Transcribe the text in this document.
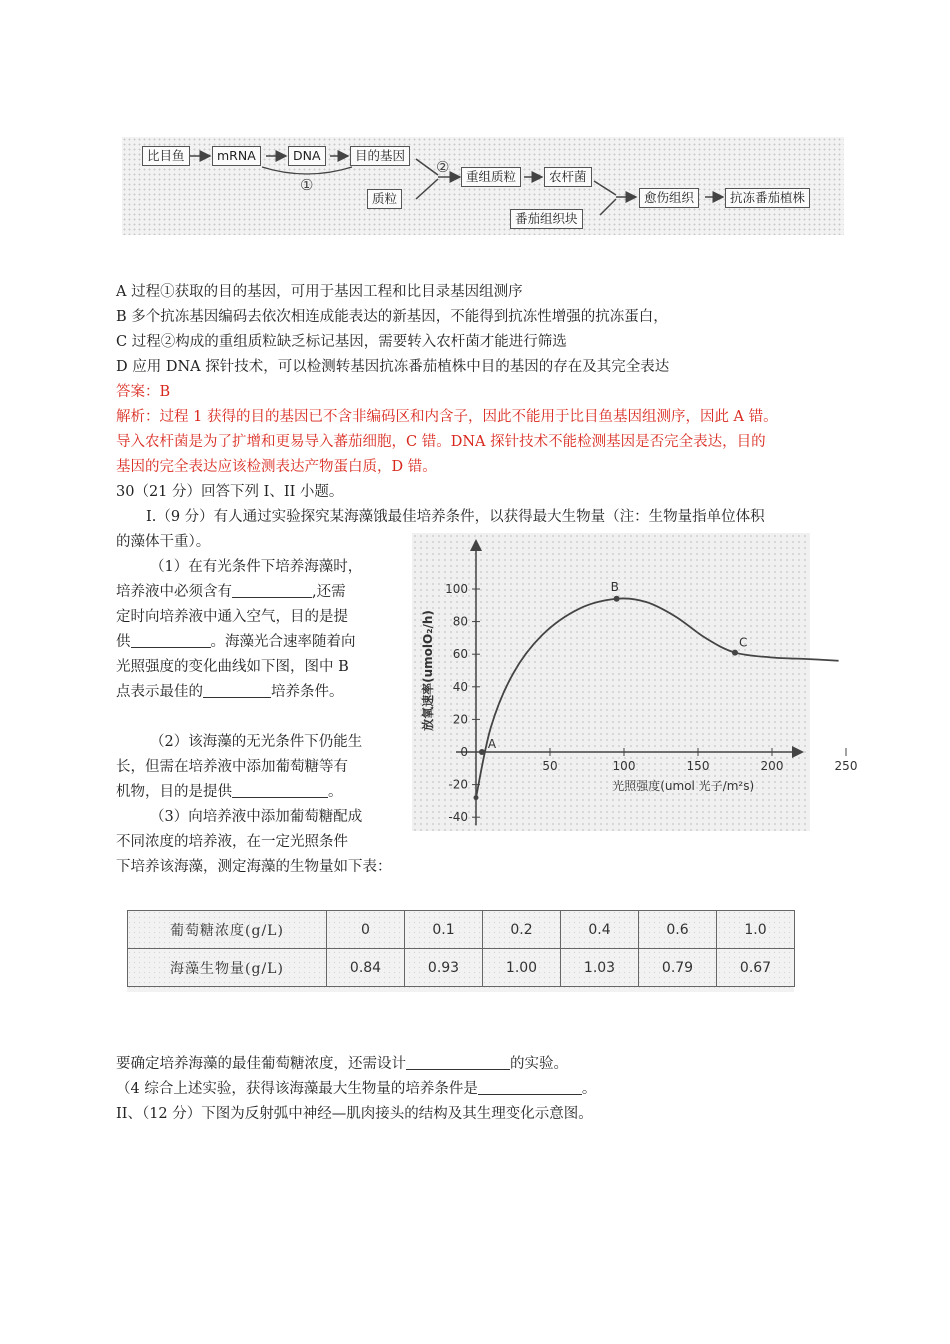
比目鱼	mRNA	DNA	目的基因
①
质粒
②
重组质粒	农杆菌
番茄组织块
愈伤组织	抗冻番茄植株
A 过程①获取的目的基因，可用于基因工程和比目录基因组测序
B 多个抗冻基因编码去依次相连成能表达的新基因，不能得到抗冻性增强的抗冻蛋白，
C 过程②构成的重组质粒缺乏标记基因，需要转入农杆菌才能进行筛选
D 应用 DNA 探针技术，可以检测转基因抗冻番茄植株中目的基因的存在及其完全表达
答案：B
解析：过程 1 获得的目的基因已不含非编码区和内含子，因此不能用于比目鱼基因组测序，因此 A 错。
导入农杆菌是为了扩增和更易导入蕃茄细胞，C 错。DNA 探针技术不能检测基因是否完全表达，目的
基因的完全表达应该检测表达产物蛋白质，D 错。
30（21 分）回答下列 I、II 小题。
I.（9 分）有人通过实验探究某海藻饿最佳培养条件，以获得最大生物量（注：生物量指单位体积
的藻体干重）。
（1）在有光条件下培养海藻时，
培养液中必须含有	,还需
定时向培养液中通入空气，目的是提
供	。海藻光合速率随着向
光照强度的变化曲线如下图，图中 B
点表示最佳的	培养条件。
（2）该海藻的无光条件下仍能生
长，但需在培养液中添加葡萄糖等有
机物，目的是提供	。
（3）向培养液中添加葡萄糖配成
不同浓度的培养液，在一定光照条件
下培养该海藻，测定海藻的生物量如下表：
-40
-20
0
20
40
60
80
100
50	100	150	200	250
A
B
C
放氧速率(umolO₂/h)
光照强度(umol 光子/m²s)
葡萄糖浓度(g/L)	0	0.1	0.2	0.4	0.6	1.0
海藻生物量(g/L)	0.84	0.93	1.00	1.03	0.79	0.67
要确定培养海藻的最佳葡萄糖浓度，还需设计	的实验。
（4 综合上述实验，获得该海藻最大生物量的培养条件是	。
II、（12 分）下图为反射弧中神经—肌肉接头的结构及其生理变化示意图。
